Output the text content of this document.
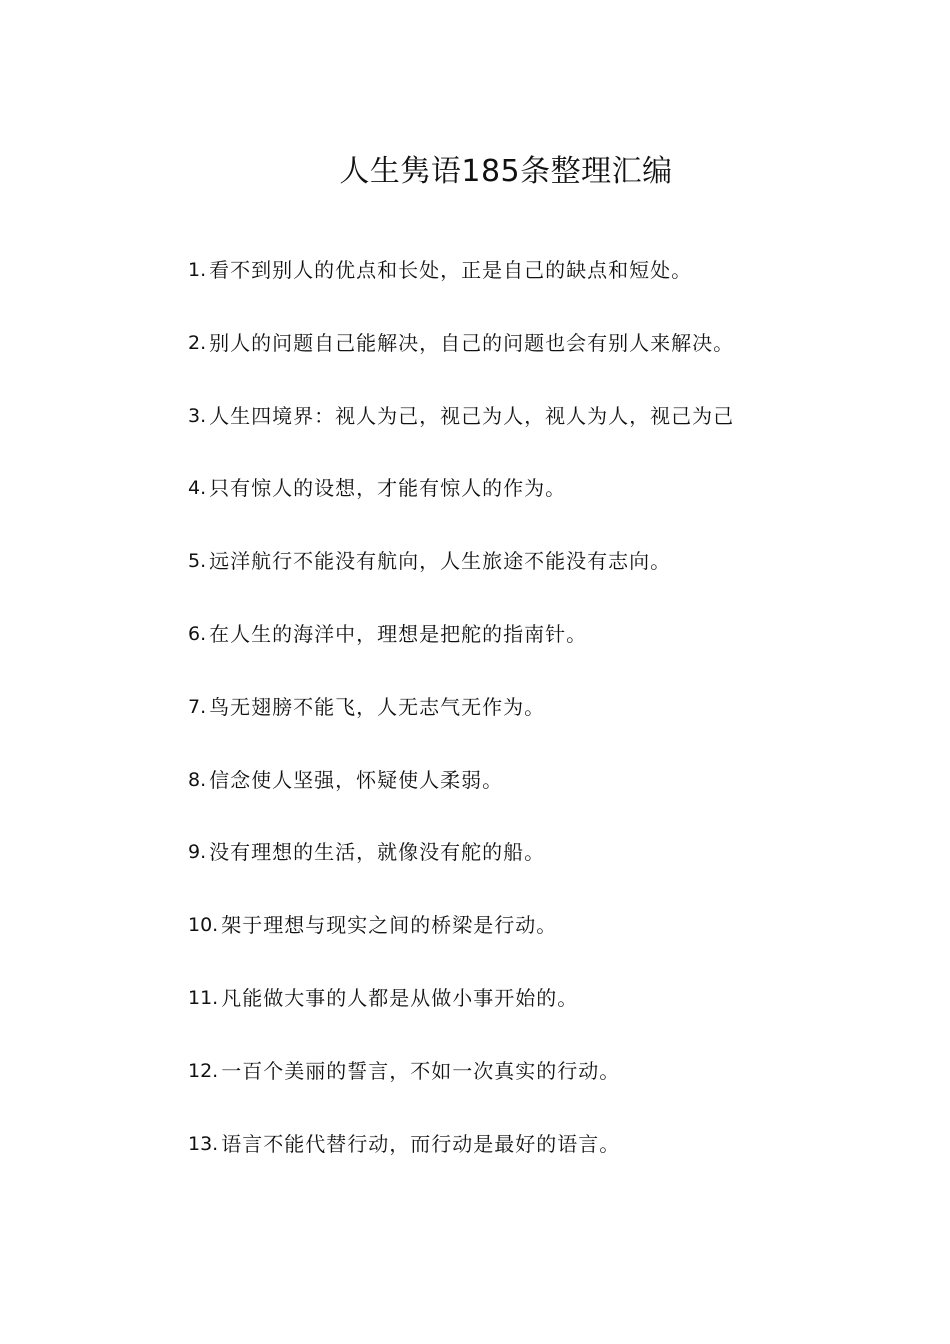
人生隽语185条整理汇编
1. 看不到别人的优点和长处，正是自己的缺点和短处。
2. 别人的问题自己能解决，自己的问题也会有别人来解决。
3. 人生四境界：视人为己，视己为人，视人为人，视己为己
4. 只有惊人的设想，才能有惊人的作为。
5. 远洋航行不能没有航向，人生旅途不能没有志向。
6. 在人生的海洋中，理想是把舵的指南针。
7. 鸟无翅膀不能飞，人无志气无作为。
8. 信念使人坚强，怀疑使人柔弱。
9. 没有理想的生活，就像没有舵的船。
10. 架于理想与现实之间的桥梁是行动。
11. 凡能做大事的人都是从做小事开始的。
12. 一百个美丽的誓言，不如一次真实的行动。
13. 语言不能代替行动，而行动是最好的语言。
